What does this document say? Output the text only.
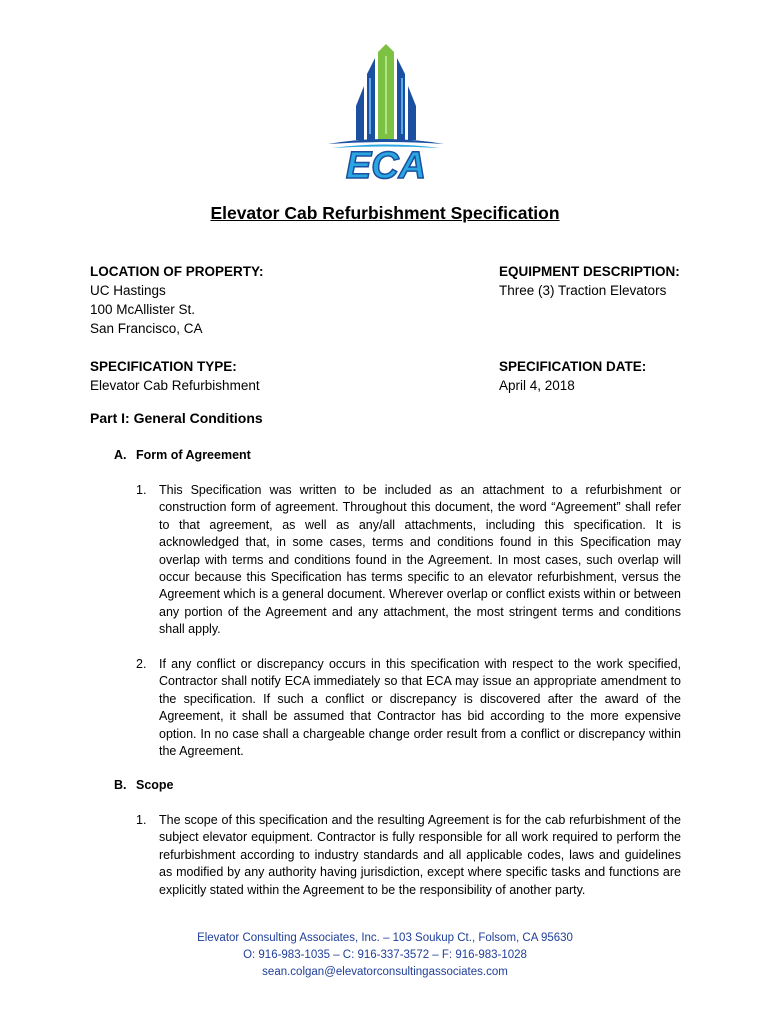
ECA
Elevator Cab Refurbishment Specification
LOCATION OF PROPERTY:
UC Hastings
100 McAllister St.
San Francisco, CA
EQUIPMENT DESCRIPTION:
Three (3) Traction Elevators
SPECIFICATION TYPE:
Elevator Cab Refurbishment
SPECIFICATION DATE:
April 4, 2018
Part I: General Conditions
A. Form of Agreement
1. This Specification was written to be included as an attachment to a refurbishment or construction form of agreement. Throughout this document, the word “Agreement” shall refer to that agreement, as well as any/all attachments, including this specification. It is acknowledged that, in some cases, terms and conditions found in this Specification may overlap with terms and conditions found in the Agreement. In most cases, such overlap will occur because this Specification has terms specific to an elevator refurbishment, versus the Agreement which is a general document. Wherever overlap or conflict exists within or between any portion of the Agreement and any attachment, the most stringent terms and conditions shall apply.
2. If any conflict or discrepancy occurs in this specification with respect to the work specified, Contractor shall notify ECA immediately so that ECA may issue an appropriate amendment to the specification. If such a conflict or discrepancy is discovered after the award of the Agreement, it shall be assumed that Contractor has bid according to the more expensive option. In no case shall a chargeable change order result from a conflict or discrepancy within the Agreement.
B. Scope
1. The scope of this specification and the resulting Agreement is for the cab refurbishment of the subject elevator equipment. Contractor is fully responsible for all work required to perform the refurbishment according to industry standards and all applicable codes, laws and guidelines as modified by any authority having jurisdiction, except where specific tasks and functions are explicitly stated within the Agreement to be the responsibility of another party.
Elevator Consulting Associates, Inc. – 103 Soukup Ct., Folsom, CA 95630
O: 916-983-1035 – C: 916-337-3572 – F: 916-983-1028
sean.colgan@elevatorconsultingassociates.com
